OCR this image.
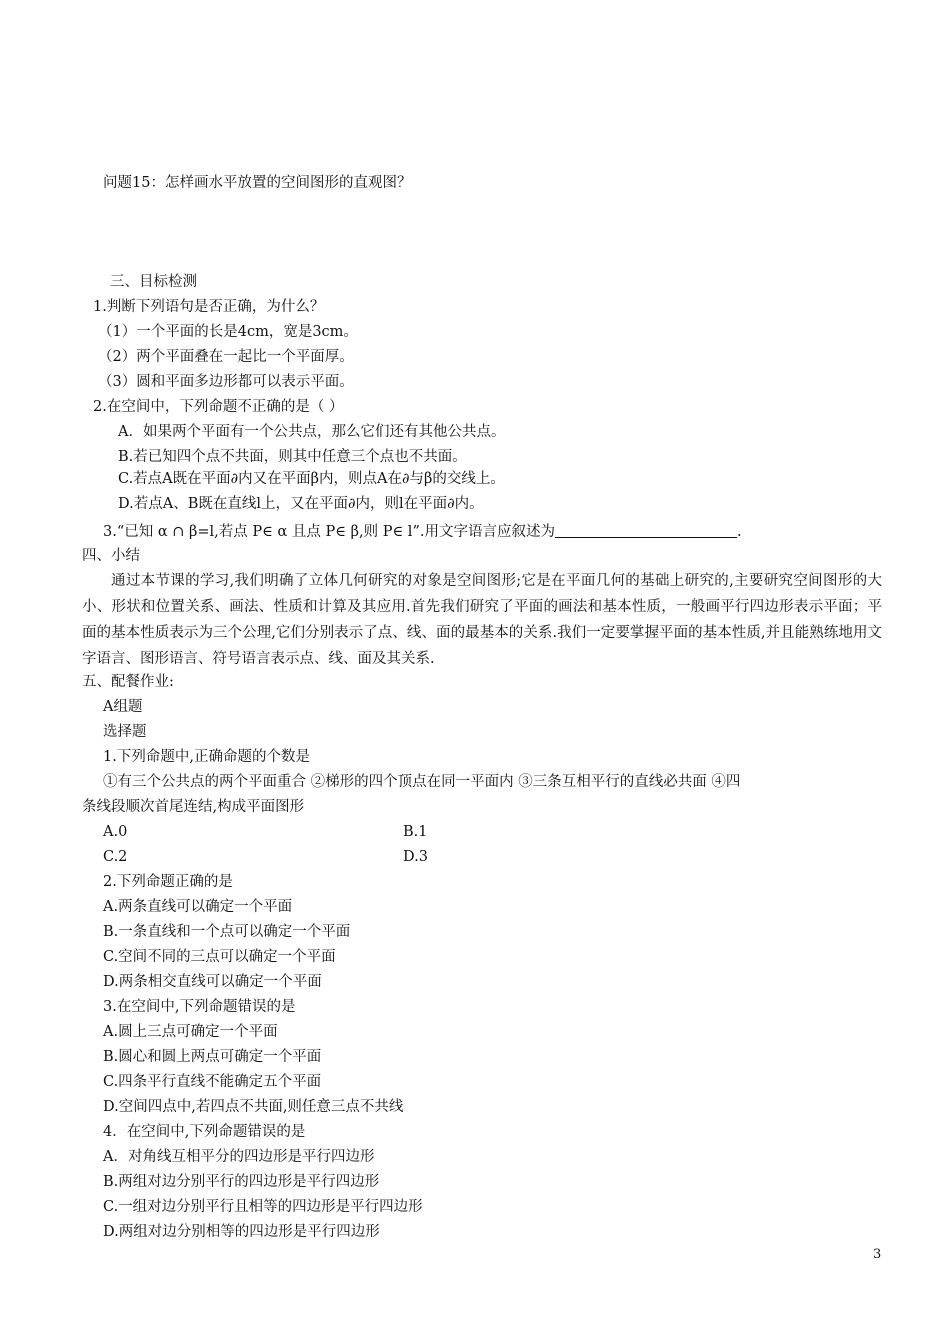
问题15：怎样画水平放置的空间图形的直观图？
三、目标检测
1.判断下列语句是否正确，为什么？
（1）一个平面的长是4cm，宽是3cm。
（2）两个平面叠在一起比一个平面厚。
（3）圆和平面多边形都可以表示平面。
2.在空间中，下列命题不正确的是（ ）
A．如果两个平面有一个公共点，那么它们还有其他公共点。
B.若已知四个点不共面，则其中任意三个点也不共面。
C.若点A既在平面∂内又在平面β内，则点A在∂与β的交线上。
D.若点A、B既在直线l上，又在平面∂内，则l在平面∂内。
3.“已知 α ∩ β=l,若点 P∈ α 且点 P∈ β,则 P∈ l”.用文字语言应叙述为	.
四、小结
通过本节课的学习,我们明确了立体几何研究的对象是空间图形;它是在平面几何的基础上研究的,主要研究空间图形的大小、形状和位置关系、画法、性质和计算及其应用.首先我们研究了平面的画法和基本性质，一般画平行四边形表示平面；平面的基本性质表示为三个公理,它们分别表示了点、线、面的最基本的关系.我们一定要掌握平面的基本性质,并且能熟练地用文字语言、图形语言、符号语言表示点、线、面及其关系.
五、配餐作业:
A组题
选择题
1.下列命题中,正确命题的个数是
①有三个公共点的两个平面重合 ②梯形的四个顶点在同一平面内 ③三条互相平行的直线必共面 ④四
条线段顺次首尾连结,构成平面图形
A.0	B.1
C.2	D.3
2.下列命题正确的是
A.两条直线可以确定一个平面
B.一条直线和一个点可以确定一个平面
C.空间不同的三点可以确定一个平面
D.两条相交直线可以确定一个平面
3.在空间中,下列命题错误的是
A.圆上三点可确定一个平面
B.圆心和圆上两点可确定一个平面
C.四条平行直线不能确定五个平面
D.空间四点中,若四点不共面,则任意三点不共线
4．在空间中,下列命题错误的是
A．对角线互相平分的四边形是平行四边形
B.两组对边分别平行的四边形是平行四边形
C.一组对边分别平行且相等的四边形是平行四边形
D.两组对边分别相等的四边形是平行四边形
3
